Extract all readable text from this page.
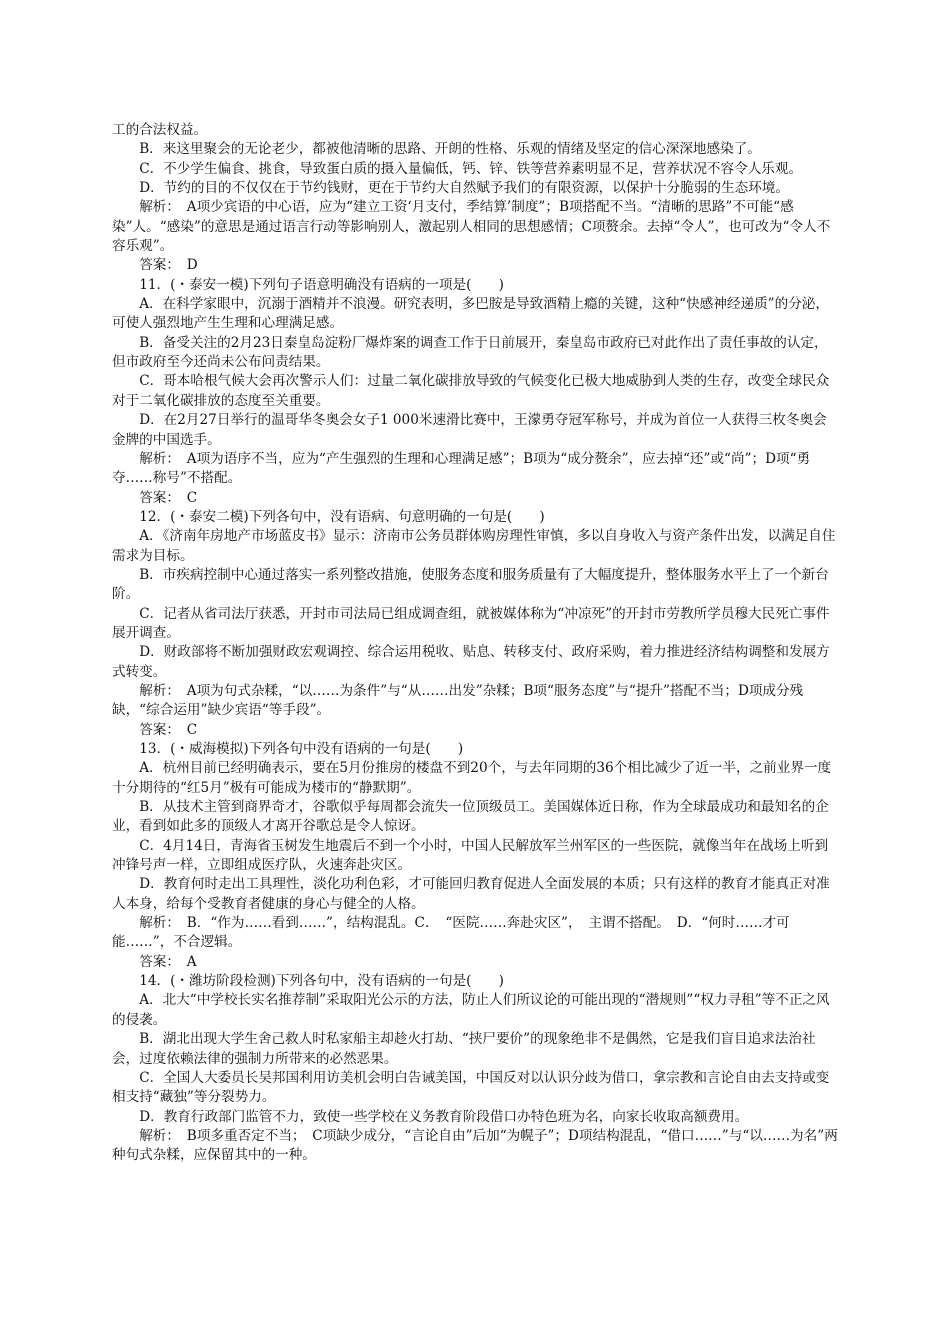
工的合法权益。

B．来这里聚会的无论老少，都被他清晰的思路、开朗的性格、乐观的情绪及坚定的信心深深地感染了。

C．不少学生偏食、挑食，导致蛋白质的摄入量偏低，钙、锌、铁等营养素明显不足，营养状况不容令人乐观。

D．节约的目的不仅仅在于节约钱财，更在于节约大自然赋予我们的有限资源，以保护十分脆弱的生态环境。

解析：　A项少宾语的中心语，应为“建立工资‘月支付，季结算’制度”；B项搭配不当。“清晰的思路”不可能“感染”人。“感染”的意思是通过语言行动等影响别人，激起别人相同的思想感情；C项赘余。去掉“令人”，也可改为“令人不容乐观”。

答案：　D

11．(・泰安一模)下列句子语意明确没有语病的一项是(　　)

A．在科学家眼中，沉溺于酒精并不浪漫。研究表明，多巴胺是导致酒精上瘾的关键，这种“快感神经递质”的分泌，可使人强烈地产生生理和心理满足感。

B．备受关注的2月23日秦皇岛淀粉厂爆炸案的调查工作于日前展开，秦皇岛市政府已对此作出了责任事故的认定，但市政府至今还尚未公布问责结果。

C．哥本哈根气候大会再次警示人们：过量二氧化碳排放导致的气候变化已极大地威胁到人类的生存，改变全球民众对于二氧化碳排放的态度至关重要。

D．在2月27日举行的温哥华冬奥会女子1 000米速滑比赛中，王濛勇夺冠军称号，并成为首位一人获得三枚冬奥会金牌的中国选手。

解析：　A项为语序不当，应为“产生强烈的生理和心理满足感”；B项为“成分赘余”，应去掉“还”或“尚”；D项“勇夺……称号”不搭配。

答案：　C

12．(・泰安二模)下列各句中，没有语病、句意明确的一句是(　　)

A．《济南年房地产市场蓝皮书》显示：济南市公务员群体购房理性审慎，多以自身收入与资产条件出发，以满足自住需求为目标。

B．市疾病控制中心通过落实一系列整改措施，使服务态度和服务质量有了大幅度提升，整体服务水平上了一个新台阶。

C．记者从省司法厅获悉，开封市司法局已组成调查组，就被媒体称为“冲凉死”的开封市劳教所学员穆大民死亡事件展开调查。

D．财政部将不断加强财政宏观调控、综合运用税收、贴息、转移支付、政府采购，着力推进经济结构调整和发展方式转变。

解析：　A项为句式杂糅，“以……为条件”与“从……出发”杂糅；B项“服务态度”与“提升”搭配不当；D项成分残缺，“综合运用”缺少宾语“等手段”。

答案：　C

13．(・威海模拟)下列各句中没有语病的一句是(　　)

A．杭州目前已经明确表示，要在5月份推房的楼盘不到20个，与去年同期的36个相比减少了近一半，之前业界一度十分期待的“红5月”极有可能成为楼市的“静默期”。

B．从技术主管到商界奇才，谷歌似乎每周都会流失一位顶级员工。美国媒体近日称，作为全球最成功和最知名的企业，看到如此多的顶级人才离开谷歌总是令人惊讶。

C．4月14日，青海省玉树发生地震后不到一个小时，中国人民解放军兰州军区的一些医院，就像当年在战场上听到冲锋号声一样，立即组成医疗队，火速奔赴灾区。

D．教育何时走出工具理性，淡化功利色彩，才可能回归教育促进人全面发展的本质；只有这样的教育才能真正对准人本身，给每个受教育者健康的身心与健全的人格。

解析：　B．“作为……看到……”，结构混乱。C．　“医院……奔赴灾区”，　主谓不搭配。　D．“何时……才可能……”，不合逻辑。

答案：　A

14．(・潍坊阶段检测)下列各句中，没有语病的一句是(　　)

A．北大“中学校长实名推荐制”采取阳光公示的方法，防止人们所议论的可能出现的“潜规则”“权力寻租”等不正之风的侵袭。

B．湖北出现大学生舍己救人时私家船主却趁火打劫、“挟尸要价”的现象绝非不是偶然，它是我们盲目追求法治社会，过度依赖法律的强制力所带来的必然恶果。

C．全国人大委员长吴邦国利用访美机会明白告诫美国，中国反对以认识分歧为借口，拿宗教和言论自由去支持或变相支持“藏独”等分裂势力。

D．教育行政部门监管不力，致使一些学校在义务教育阶段借口办特色班为名，向家长收取高额费用。

解析：　B项多重否定不当；　C项缺少成分，“言论自由”后加“为幌子”；D项结构混乱，“借口……”与“以……为名”两种句式杂糅，应保留其中的一种。
